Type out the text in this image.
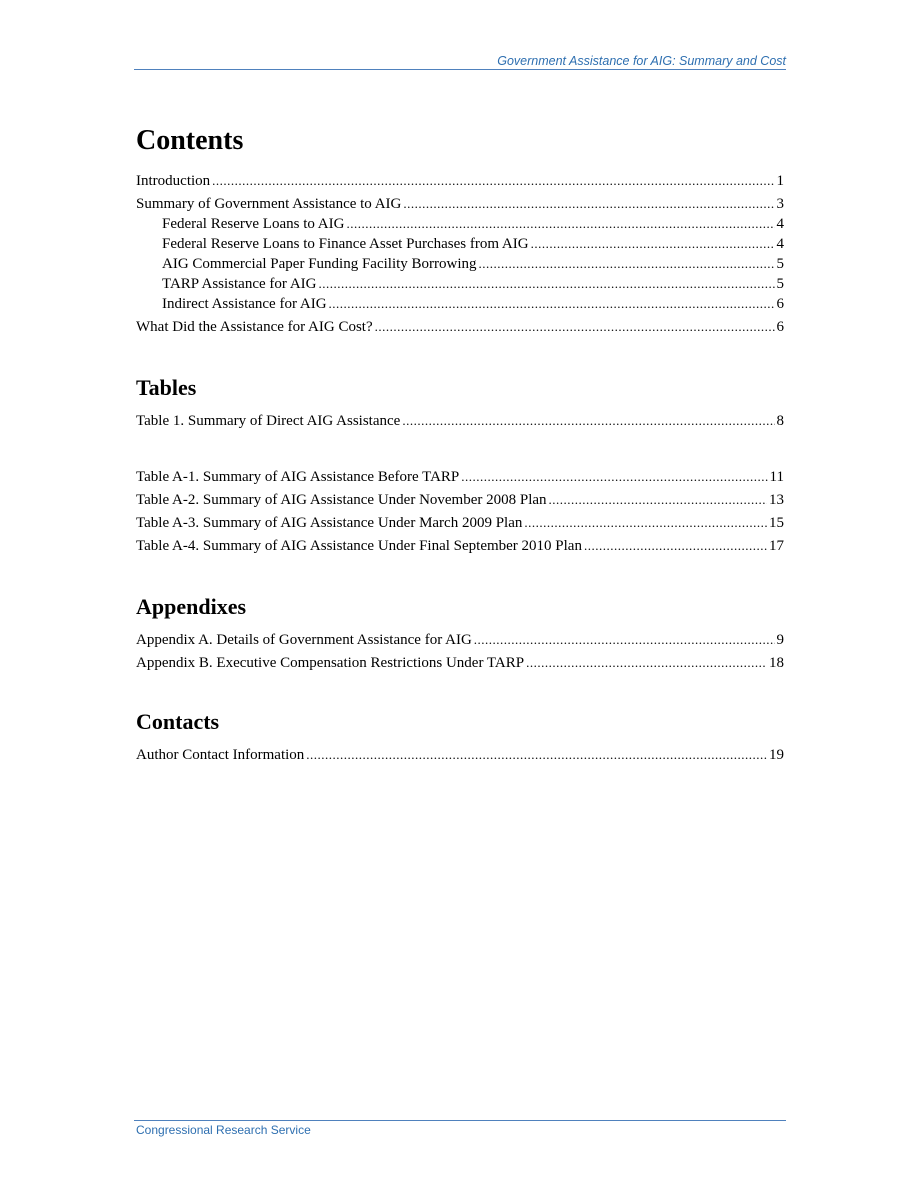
Government Assistance for AIG: Summary and Cost
Contents
Introduction .....	1
Summary of Government Assistance to AIG .....	3
Federal Reserve Loans to AIG .....	4
Federal Reserve Loans to Finance Asset Purchases from AIG .....	4
AIG Commercial Paper Funding Facility Borrowing .....	5
TARP Assistance for AIG .....	5
Indirect Assistance for AIG .....	6
What Did the Assistance for AIG Cost? .....	6
Tables
Table 1. Summary of Direct AIG Assistance .....	8
Table A-1. Summary of AIG Assistance Before TARP .....	11
Table A-2. Summary of AIG Assistance Under November 2008 Plan .....	13
Table A-3. Summary of AIG Assistance Under March 2009 Plan .....	15
Table A-4. Summary of AIG Assistance Under Final September 2010 Plan .....	17
Appendixes
Appendix A. Details of Government Assistance for AIG .....	9
Appendix B. Executive Compensation Restrictions Under TARP .....	18
Contacts
Author Contact Information .....	19
Congressional Research Service
